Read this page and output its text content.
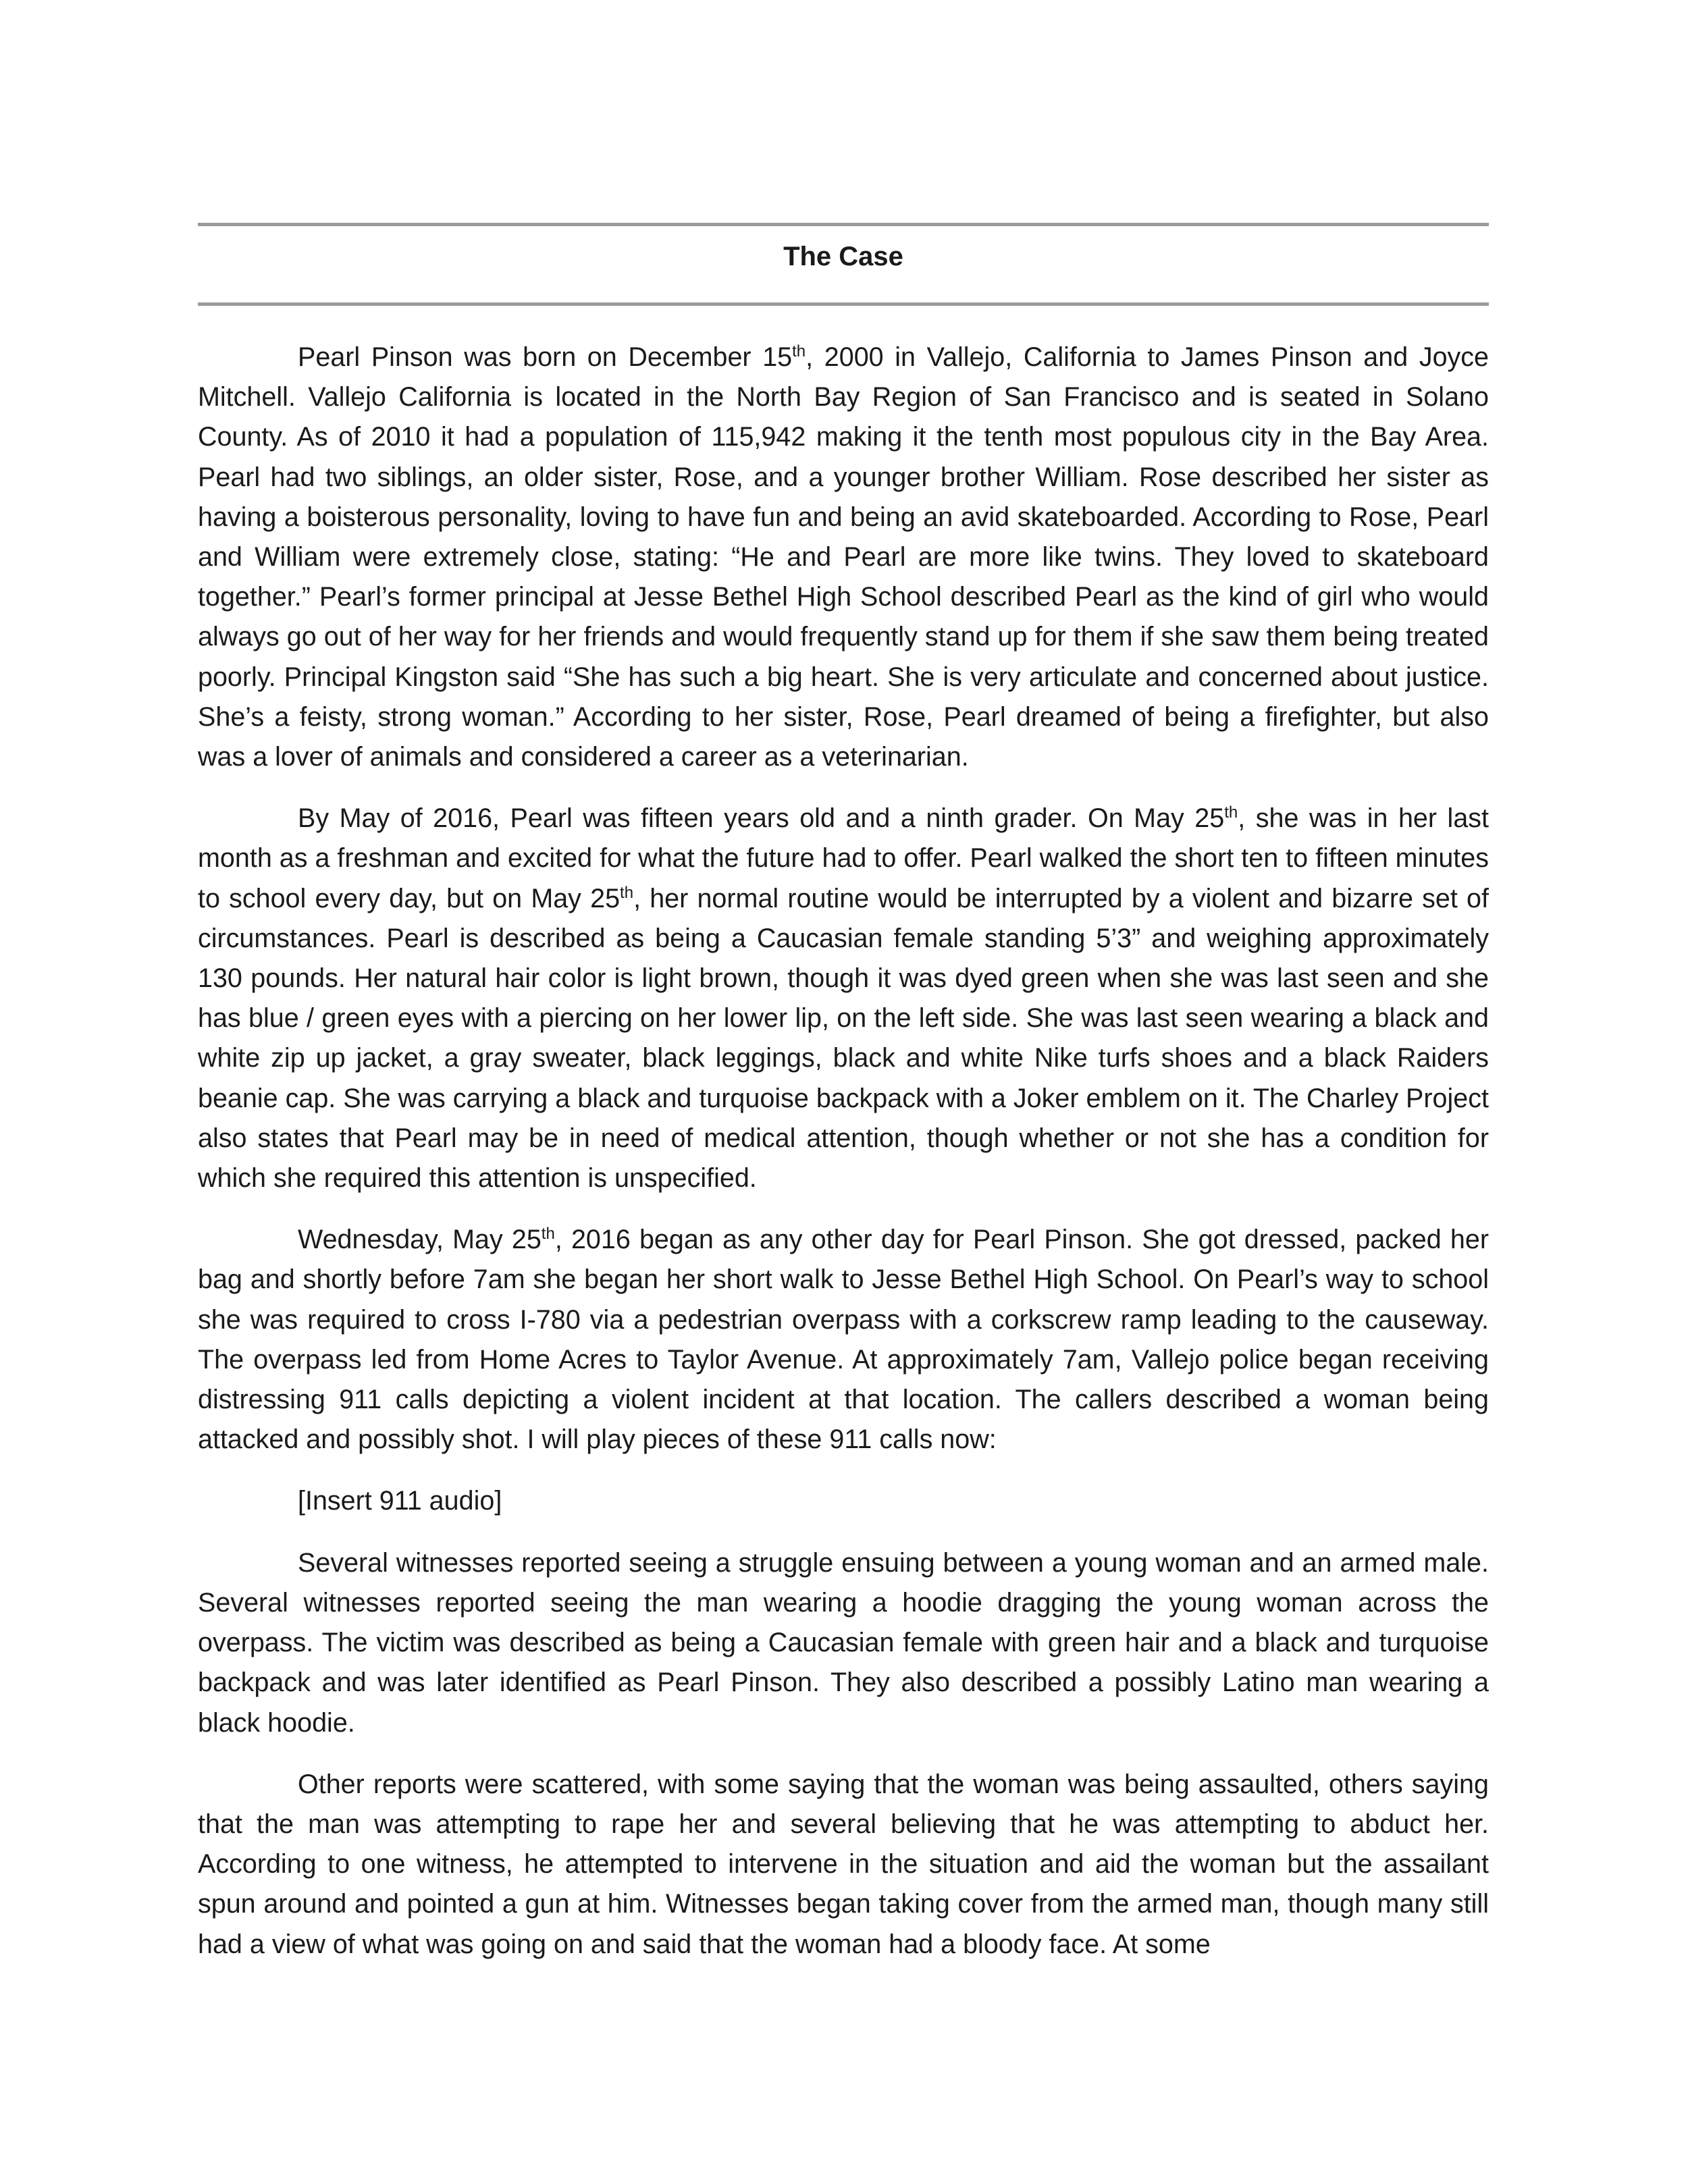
The Case

Pearl Pinson was born on December 15th, 2000 in Vallejo, California to James Pinson and Joyce Mitchell. Vallejo California is located in the North Bay Region of San Francisco and is seated in Solano County. As of 2010 it had a population of 115,942 making it the tenth most populous city in the Bay Area. Pearl had two siblings, an older sister, Rose, and a younger brother William. Rose described her sister as having a boisterous personality, loving to have fun and being an avid skateboarded. According to Rose, Pearl and William were extremely close, stating: “He and Pearl are more like twins. They loved to skateboard together.” Pearl’s former principal at Jesse Bethel High School described Pearl as the kind of girl who would always go out of her way for her friends and would frequently stand up for them if she saw them being treated poorly. Principal Kingston said “She has such a big heart. She is very articulate and concerned about justice. She’s a feisty, strong woman.” According to her sister, Rose, Pearl dreamed of being a firefighter, but also was a lover of animals and considered a career as a veterinarian.

By May of 2016, Pearl was fifteen years old and a ninth grader. On May 25th, she was in her last month as a freshman and excited for what the future had to offer. Pearl walked the short ten to fifteen minutes to school every day, but on May 25th, her normal routine would be interrupted by a violent and bizarre set of circumstances. Pearl is described as being a Caucasian female standing 5’3” and weighing approximately 130 pounds. Her natural hair color is light brown, though it was dyed green when she was last seen and she has blue / green eyes with a piercing on her lower lip, on the left side. She was last seen wearing a black and white zip up jacket, a gray sweater, black leggings, black and white Nike turfs shoes and a black Raiders beanie cap. She was carrying a black and turquoise backpack with a Joker emblem on it. The Charley Project also states that Pearl may be in need of medical attention, though whether or not she has a condition for which she required this attention is unspecified.

Wednesday, May 25th, 2016 began as any other day for Pearl Pinson. She got dressed, packed her bag and shortly before 7am she began her short walk to Jesse Bethel High School. On Pearl’s way to school she was required to cross I-780 via a pedestrian overpass with a corkscrew ramp leading to the causeway. The overpass led from Home Acres to Taylor Avenue. At approximately 7am, Vallejo police began receiving distressing 911 calls depicting a violent incident at that location. The callers described a woman being attacked and possibly shot. I will play pieces of these 911 calls now:

[Insert 911 audio]

Several witnesses reported seeing a struggle ensuing between a young woman and an armed male. Several witnesses reported seeing the man wearing a hoodie dragging the young woman across the overpass. The victim was described as being a Caucasian female with green hair and a black and turquoise backpack and was later identified as Pearl Pinson. They also described a possibly Latino man wearing a black hoodie.

Other reports were scattered, with some saying that the woman was being assaulted, others saying that the man was attempting to rape her and several believing that he was attempting to abduct her. According to one witness, he attempted to intervene in the situation and aid the woman but the assailant spun around and pointed a gun at him. Witnesses began taking cover from the armed man, though many still had a view of what was going on and said that the woman had a bloody face. At some
